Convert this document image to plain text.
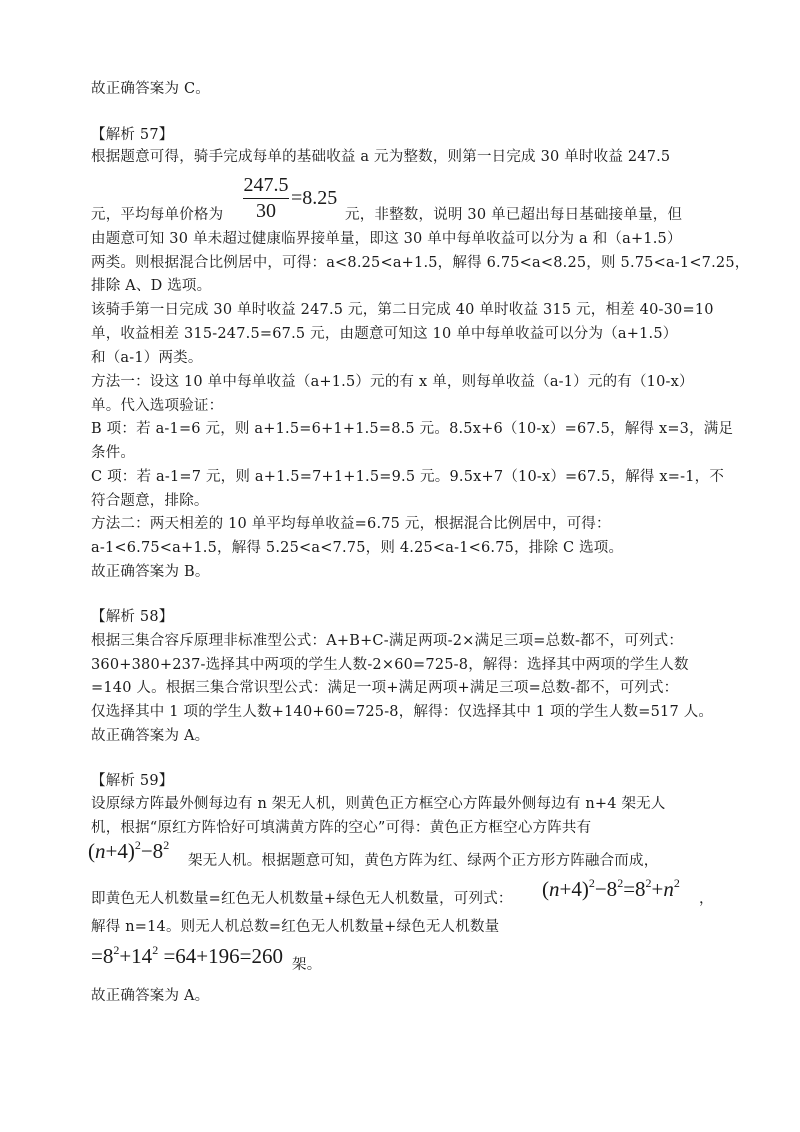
故正确答案为 C。
【解析 57】
根据题意可得，骑手完成每单的基础收益 a 元为整数，则第一日完成 30 单时收益 247.5
$\frac{247.5}{30} =8.25$
元，平均每单价格为	元，非整数，说明 30 单已超出每日基础接单量，但
由题意可知 30 单未超过健康临界接单量，即这 30 单中每单收益可以分为 a 和（a+1.5）
两类。则根据混合比例居中，可得：a<8.25<a+1.5，解得 6.75<a<8.25，则 5.75<a-1<7.25，
排除 A、D 选项。
该骑手第一日完成 30 单时收益 247.5 元，第二日完成 40 单时收益 315 元，相差 40-30=10
单，收益相差 315-247.5=67.5 元，由题意可知这 10 单中每单收益可以分为（a+1.5）
和（a-1）两类。
方法一：设这 10 单中每单收益（a+1.5）元的有 x 单，则每单收益（a-1）元的有（10-x）
单。代入选项验证：
B 项：若 a-1=6 元，则 a+1.5=6+1+1.5=8.5 元。8.5x+6（10-x）=67.5，解得 x=3，满足
条件。
C 项：若 a-1=7 元，则 a+1.5=7+1+1.5=9.5 元。9.5x+7（10-x）=67.5，解得 x=-1，不
符合题意，排除。
方法二：两天相差的 10 单平均每单收益=6.75 元，根据混合比例居中，可得：
a-1<6.75<a+1.5，解得 5.25<a<7.75，则 4.25<a-1<6.75，排除 C 选项。
故正确答案为 B。
【解析 58】
根据三集合容斥原理非标准型公式：A+B+C-满足两项-2×满足三项=总数-都不，可列式：
360+380+237-选择其中两项的学生人数-2×60=725-8，解得：选择其中两项的学生人数
=140 人。根据三集合常识型公式：满足一项+满足两项+满足三项=总数-都不，可列式：
仅选择其中 1 项的学生人数+140+60=725-8，解得：仅选择其中 1 项的学生人数=517 人。
故正确答案为 A。
【解析 59】
设原绿方阵最外侧每边有 n 架无人机，则黄色正方框空心方阵最外侧每边有 n+4 架无人
机，根据“原红方阵恰好可填满黄方阵的空心”可得：黄色正方框空心方阵共有
$(n+4)^2-8^2$
架无人机。根据题意可知，黄色方阵为红、绿两个正方形方阵融合而成，
即黄色无人机数量=红色无人机数量+绿色无人机数量，可列式： $(n+4)^2-8^2=8^2+n^2$
，
解得 n=14。则无人机总数=红色无人机数量+绿色无人机数量
$=8^2+14^2 =64+196=260$ 架。
故正确答案为 A。
